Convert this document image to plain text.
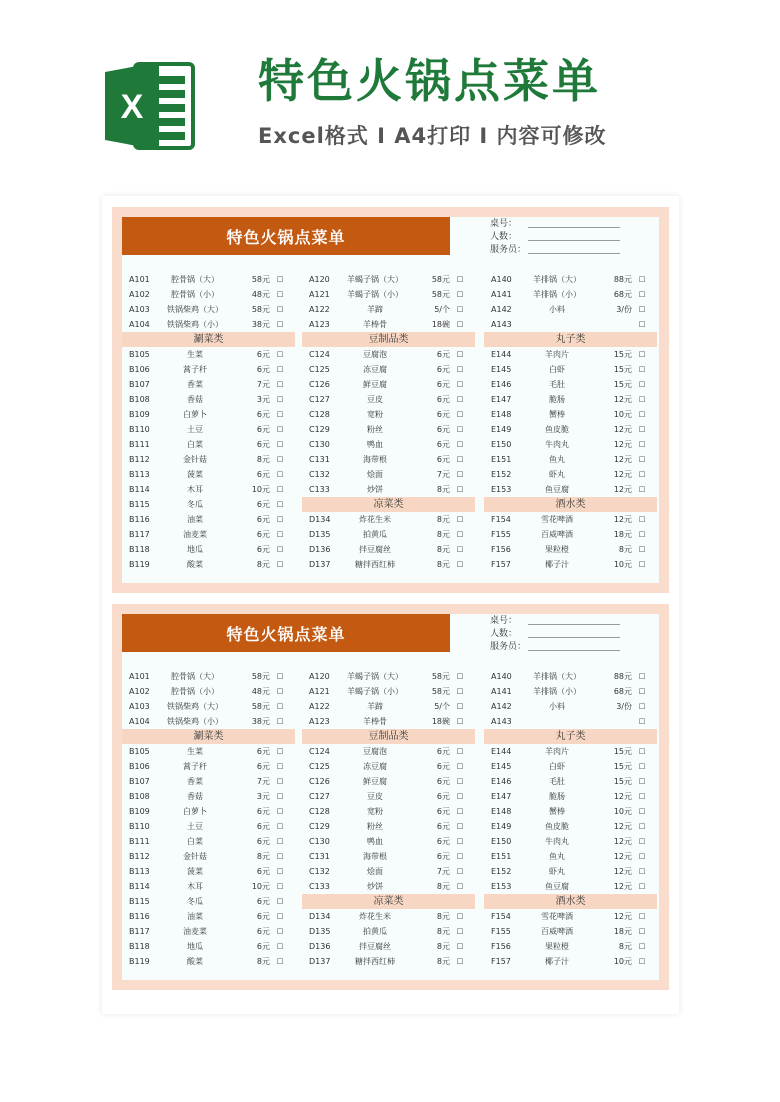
X 特色火锅点菜单
Excel格式 I A4打印 I 内容可修改
特色火锅点菜单
桌号：
人数：
服务员：
A101	腔骨锅（大）	58元 □
A102	腔骨锅（小）	48元 □
A103	铁锅柴鸡（大）	58元 □
A104	铁锅柴鸡（小）	38元 □
涮菜类
B105	生菜	6元 □
B106	蒿子秆	6元 □
B107	香菜	7元 □
B108	香菇	3元 □
B109	白萝卜	6元 □
B110	土豆	6元 □
B111	白菜	6元 □
B112	金针菇	8元 □
B113	菠菜	6元 □
B114	木耳	10元 □
B115	冬瓜	6元 □
B116	油菜	6元 □
B117	油麦菜	6元 □
B118	地瓜	6元 □
B119	酸菜	8元 □
A120	羊蝎子锅（大）	58元 □
A121	羊蝎子锅（小）	58元 □
A122	羊蹄	5/个 □
A123	羊棒骨	18碗 □
豆制品类
C124	豆腐泡	6元 □
C125	冻豆腐	6元 □
C126	鲜豆腐	6元 □
C127	豆皮	6元 □
C128	宽粉	6元 □
C129	粉丝	6元 □
C130	鸭血	6元 □
C131	海带根	6元 □
C132	烩面	7元 □
C133	炒饼	8元 □
凉菜类
D134	炸花生米	8元 □
D135	拍黄瓜	8元 □
D136	拌豆腐丝	8元 □
D137	糖拌西红柿	8元 □
A140	羊排锅（大）	88元 □
A141	羊排锅（小）	68元 □
A142	小料	3/份 □
A143	□
丸子类
E144	羊肉片	15元 □
E145	白虾	15元 □
E146	毛肚	15元 □
E147	脆肠	12元 □
E148	蟹棒	10元 □
E149	鱼皮脆	12元 □
E150	牛肉丸	12元 □
E151	鱼丸	12元 □
E152	虾丸	12元 □
E153	鱼豆腐	12元 □
酒水类
F154	雪花啤酒	12元 □
F155	百威啤酒	18元 □
F156	果粒橙	8元 □
F157	椰子汁	10元 □
特色火锅点菜单
桌号：
人数：
服务员：
A101	腔骨锅（大）	58元 □
A102	腔骨锅（小）	48元 □
A103	铁锅柴鸡（大）	58元 □
A104	铁锅柴鸡（小）	38元 □
涮菜类
B105	生菜	6元 □
B106	蒿子秆	6元 □
B107	香菜	7元 □
B108	香菇	3元 □
B109	白萝卜	6元 □
B110	土豆	6元 □
B111	白菜	6元 □
B112	金针菇	8元 □
B113	菠菜	6元 □
B114	木耳	10元 □
B115	冬瓜	6元 □
B116	油菜	6元 □
B117	油麦菜	6元 □
B118	地瓜	6元 □
B119	酸菜	8元 □
A120	羊蝎子锅（大）	58元 □
A121	羊蝎子锅（小）	58元 □
A122	羊蹄	5/个 □
A123	羊棒骨	18碗 □
豆制品类
C124	豆腐泡	6元 □
C125	冻豆腐	6元 □
C126	鲜豆腐	6元 □
C127	豆皮	6元 □
C128	宽粉	6元 □
C129	粉丝	6元 □
C130	鸭血	6元 □
C131	海带根	6元 □
C132	烩面	7元 □
C133	炒饼	8元 □
凉菜类
D134	炸花生米	8元 □
D135	拍黄瓜	8元 □
D136	拌豆腐丝	8元 □
D137	糖拌西红柿	8元 □
A140	羊排锅（大）	88元 □
A141	羊排锅（小）	68元 □
A142	小料	3/份 □
A143	□
丸子类
E144	羊肉片	15元 □
E145	白虾	15元 □
E146	毛肚	15元 □
E147	脆肠	12元 □
E148	蟹棒	10元 □
E149	鱼皮脆	12元 □
E150	牛肉丸	12元 □
E151	鱼丸	12元 □
E152	虾丸	12元 □
E153	鱼豆腐	12元 □
酒水类
F154	雪花啤酒	12元 □
F155	百威啤酒	18元 □
F156	果粒橙	8元 □
F157	椰子汁	10元 □
